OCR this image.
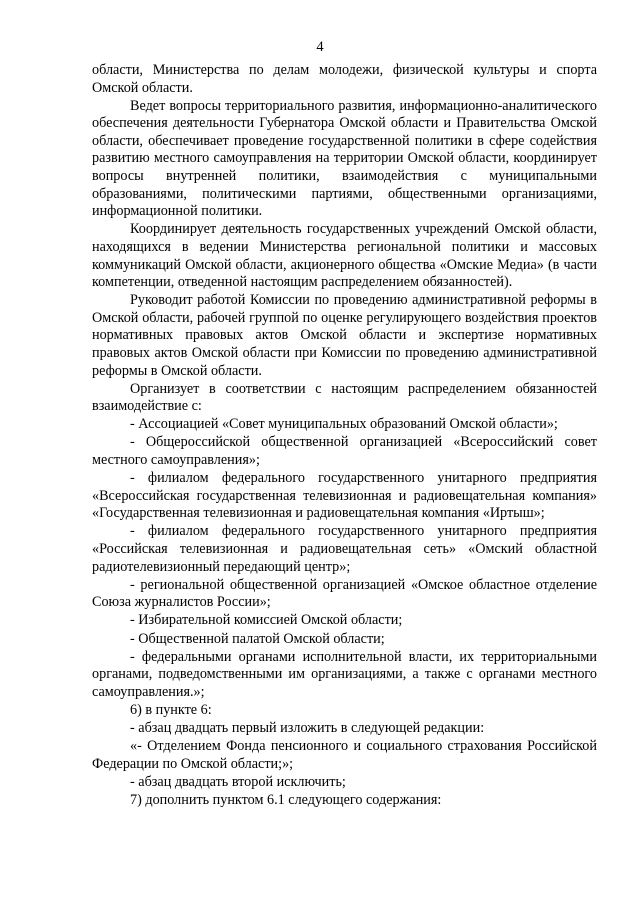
4

области, Министерства по делам молодежи, физической культуры и спорта Омской области.

Ведет вопросы территориального развития, информационно-аналитического обеспечения деятельности Губернатора Омской области и Правительства Омской области, обеспечивает проведение государственной политики в сфере содействия развитию местного самоуправления на территории Омской области, координирует вопросы внутренней политики, взаимодействия с муниципальными образованиями, политическими партиями, общественными организациями, информационной политики.

Координирует деятельность государственных учреждений Омской области, находящихся в ведении Министерства региональной политики и массовых коммуникаций Омской области, акционерного общества «Омские Медиа» (в части компетенции, отведенной настоящим распределением обязанностей).

Руководит работой Комиссии по проведению административной реформы в Омской области, рабочей группой по оценке регулирующего воздействия проектов нормативных правовых актов Омской области и экспертизе нормативных правовых актов Омской области при Комиссии по проведению административной реформы в Омской области.

Организует в соответствии с настоящим распределением обязанностей взаимодействие с:

- Ассоциацией «Совет муниципальных образований Омской области»;

- Общероссийской общественной организацией «Всероссийский совет местного самоуправления»;

- филиалом федерального государственного унитарного предприятия «Всероссийская государственная телевизионная и радиовещательная компания» «Государственная телевизионная и радиовещательная компания «Иртыш»;

- филиалом федерального государственного унитарного предприятия «Российская телевизионная и радиовещательная сеть» «Омский областной радиотелевизионный передающий центр»;

- региональной общественной организацией «Омское областное отделение Союза журналистов России»;

- Избирательной комиссией Омской области;

- Общественной палатой Омской области;

- федеральными органами исполнительной власти, их территориальными органами, подведомственными им организациями, а также с органами местного самоуправления.»;

6) в пункте 6:

- абзац двадцать первый изложить в следующей редакции:

«- Отделением Фонда пенсионного и социального страхования Российской Федерации по Омской области;»;

- абзац двадцать второй исключить;

7) дополнить пунктом 6.1 следующего содержания:
